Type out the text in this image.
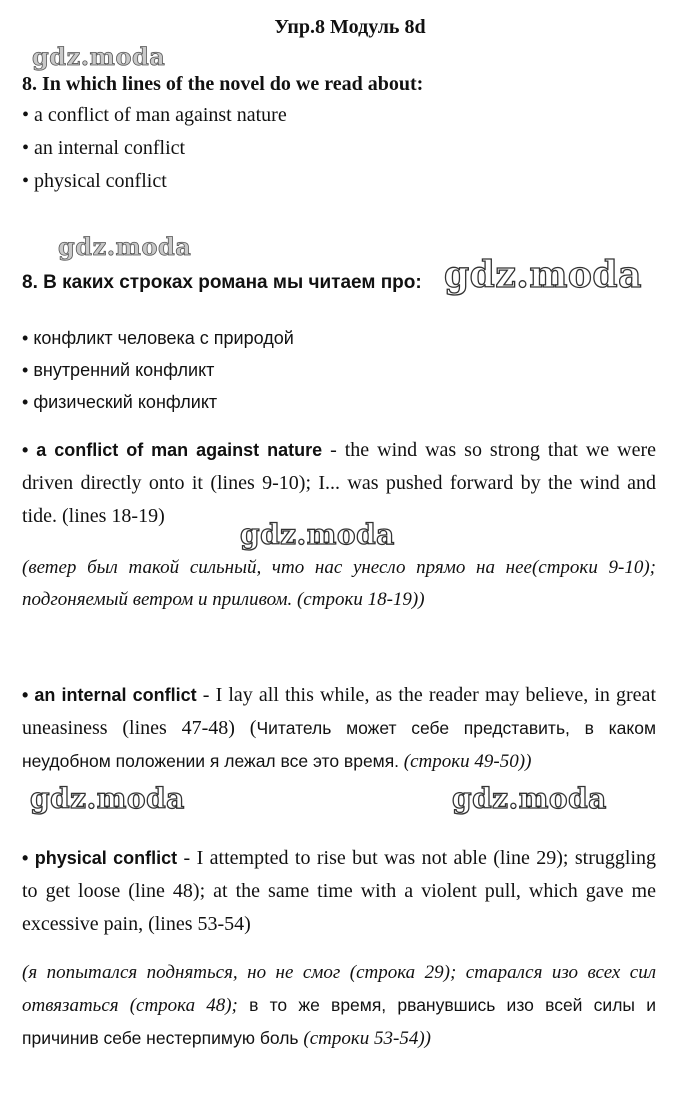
Упр.8 Модуль 8d
gdz.moda
gdz.moda
gdz.moda
gdz.moda
gdz.moda	gdz.moda
8. In which lines of the novel do we read about:
• a conflict of man against nature
• an internal conflict
• physical conflict
8. В каких строках романа мы читаем про:
• конфликт человека с природой
• внутренний конфликт
• физический конфликт

• a conflict of man against nature - the wind was so strong that we were driven directly onto it (lines 9-10); I... was pushed forward by the wind and tide. (lines 18-19)

(ветер был такой сильный, что нас унесло прямо на нее(строки 9-10); подгоняемый ветром и приливом. (строки 18-19))

• an internal conflict - I lay all this while, as the reader may believe, in great uneasiness (lines 47-48) (Читатель может себе представить, в каком неудобном положении я лежал все это время. (строки 49-50))

• physical conflict - I attempted to rise but was not able (line 29); struggling to get loose (line 48); at the same time with a violent pull, which gave me excessive pain, (lines 53-54)

(я попытался подняться, но не смог (строка 29); старался изо всех сил отвязаться (строка 48); в то же время, рванувшись изо всей силы и причинив себе нестерпимую боль (строки 53-54))
